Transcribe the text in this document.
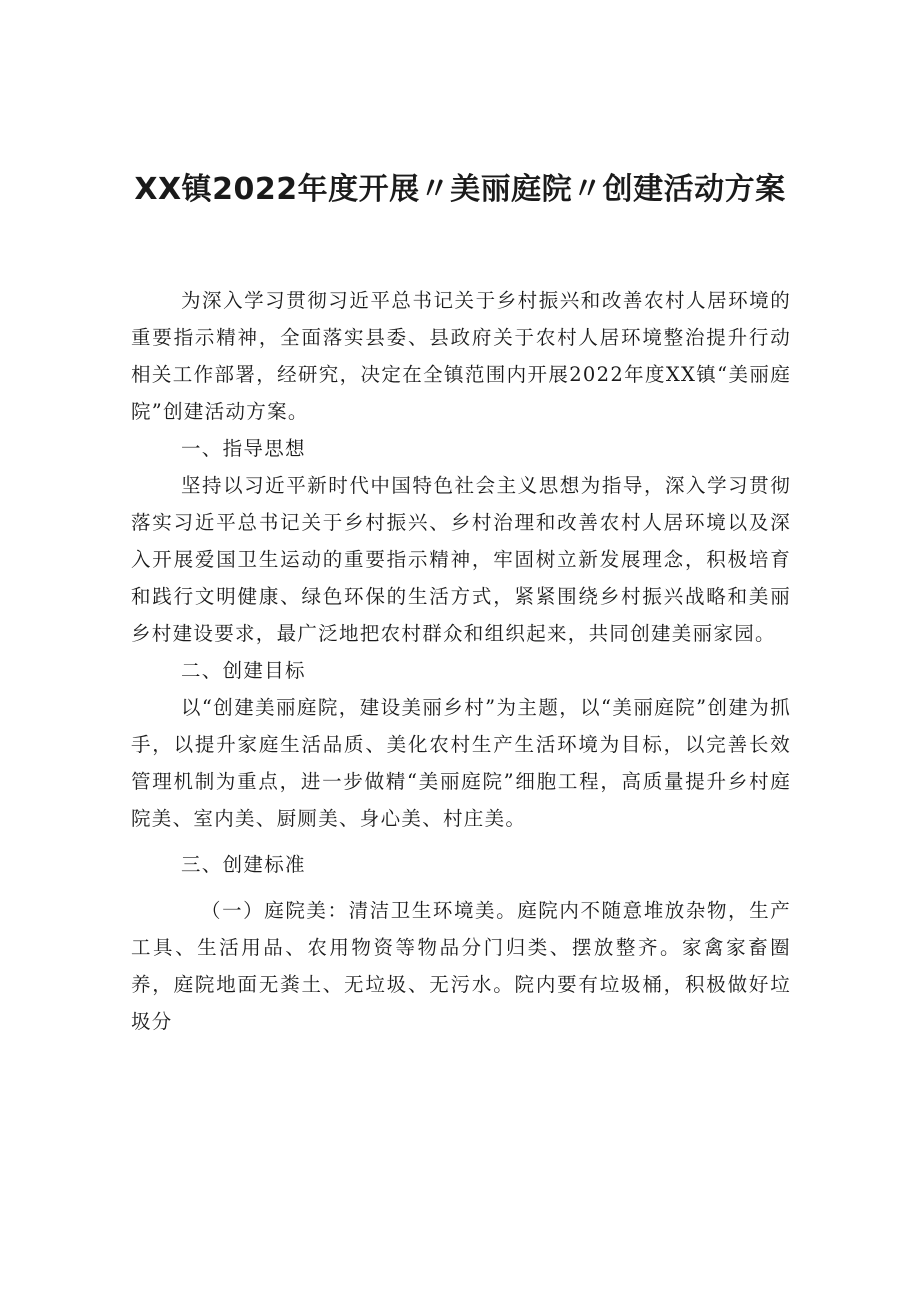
XX镇2022年度开展〃美丽庭院〃创建活动方案

为深入学习贯彻习近平总书记关于乡村振兴和改善农村人居环境的重要指示精神，全面落实县委、县政府关于农村人居环境整治提升行动相关工作部署，经研究，决定在全镇范围内开展2022年度XX镇“美丽庭院”创建活动方案。

一、指导思想

坚持以习近平新时代中国特色社会主义思想为指导，深入学习贯彻落实习近平总书记关于乡村振兴、乡村治理和改善农村人居环境以及深入开展爱国卫生运动的重要指示精神，牢固树立新发展理念，积极培育和践行文明健康、绿色环保的生活方式，紧紧围绕乡村振兴战略和美丽乡村建设要求，最广泛地把农村群众和组织起来，共同创建美丽家园。

二、创建目标

以“创建美丽庭院，建设美丽乡村”为主题，以“美丽庭院”创建为抓手，以提升家庭生活品质、美化农村生产生活环境为目标，以完善长效管理机制为重点，进一步做精“美丽庭院”细胞工程，高质量提升乡村庭院美、室内美、厨厕美、身心美、村庄美。

三、创建标准

（一）庭院美：清洁卫生环境美。庭院内不随意堆放杂物，生产工具、生活用品、农用物资等物品分门归类、摆放整齐。家禽家畜圈养，庭院地面无粪土、无垃圾、无污水。院内要有垃圾桶，积极做好垃圾分
